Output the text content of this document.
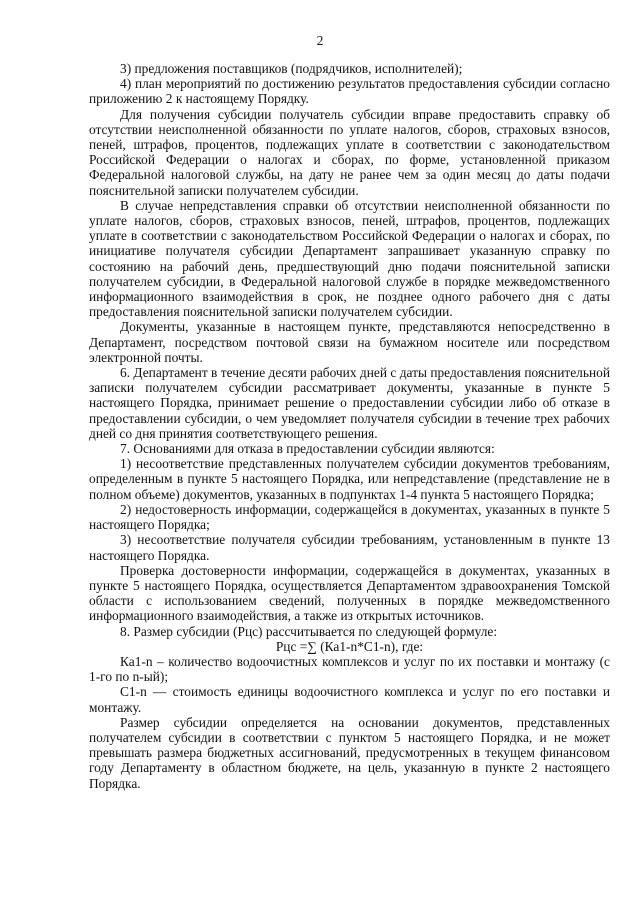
2

3) предложения поставщиков (подрядчиков, исполнителей);

4) план мероприятий по достижению результатов предоставления субсидии согласно приложению 2 к настоящему Порядку.

Для получения субсидии получатель субсидии вправе предоставить справку об отсутствии неисполненной обязанности по уплате налогов, сборов, страховых взносов, пеней, штрафов, процентов, подлежащих уплате в соответствии с законодательством Российской Федерации о налогах и сборах, по форме, установленной приказом Федеральной налоговой службы, на дату не ранее чем за один месяц до даты подачи пояснительной записки получателем субсидии.

В случае непредставления справки об отсутствии неисполненной обязанности по уплате налогов, сборов, страховых взносов, пеней, штрафов, процентов, подлежащих уплате в соответствии с законодательством Российской Федерации о налогах и сборах, по инициативе получателя субсидии Департамент запрашивает указанную справку по состоянию на рабочий день, предшествующий дню подачи пояснительной записки получателем субсидии, в Федеральной налоговой службе в порядке межведомственного информационного взаимодействия в срок, не позднее одного рабочего дня с даты предоставления пояснительной записки получателем субсидии.

Документы, указанные в настоящем пункте, представляются непосредственно в Департамент, посредством почтовой связи на бумажном носителе или посредством электронной почты.

6. Департамент в течение десяти рабочих дней с даты предоставления пояснительной записки получателем субсидии рассматривает документы, указанные в пункте 5 настоящего Порядка, принимает решение о предоставлении субсидии либо об отказе в предоставлении субсидии, о чем уведомляет получателя субсидии в течение трех рабочих дней со дня принятия соответствующего решения.

7. Основаниями для отказа в предоставлении субсидии являются:

1) несоответствие представленных получателем субсидии документов требованиям, определенным в пункте 5 настоящего Порядка, или непредставление (представление не в полном объеме) документов, указанных в подпунктах 1-4 пункта 5 настоящего Порядка;

2) недостоверность информации, содержащейся в документах, указанных в пункте 5 настоящего Порядка;

3) несоответствие получателя субсидии требованиям, установленным в пункте 13 настоящего Порядка.

Проверка достоверности информации, содержащейся в документах, указанных в пункте 5 настоящего Порядка, осуществляется Департаментом здравоохранения Томской области с использованием сведений, полученных в порядке межведомственного информационного взаимодействия, а также из открытых источников.

8. Размер субсидии (Рцс) рассчитывается по следующей формуле:

Рцс =∑ (Ка1-n*С1-n), где:

Ка1-n – количество водоочистных комплексов и услуг по их поставки и монтажу (с 1-го по n-ый);

С1-n — стоимость единицы водоочистного комплекса и услуг по его поставки и монтажу.

Размер субсидии определяется на основании документов, представленных получателем субсидии в соответствии с пунктом 5 настоящего Порядка, и не может превышать размера бюджетных ассигнований, предусмотренных в текущем финансовом году Департаменту в областном бюджете, на цель, указанную в пункте 2 настоящего Порядка.
